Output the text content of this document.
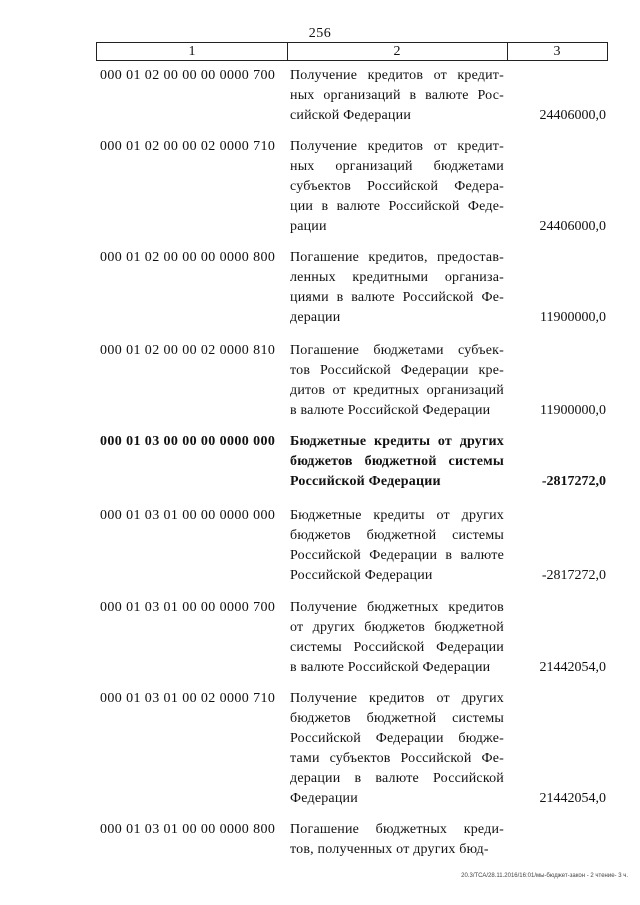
256
1	2	3
000 01 02 00 00 00 0000 700	Получение кредитов от кредит-
ных организаций в валюте Рос-
сийской Федерации	24406000,0
000 01 02 00 00 02 0000 710	Получение кредитов от кредит-
ных организаций бюджетами
субъектов Российской Федера-
ции в валюте Российской Феде-
рации	24406000,0
000 01 02 00 00 00 0000 800	Погашение кредитов, предостав-
ленных кредитными организа-
циями в валюте Российской Фе-
дерации	11900000,0
000 01 02 00 00 02 0000 810	Погашение бюджетами субъек-
тов Российской Федерации кре-
дитов от кредитных организаций
в валюте Российской Федерации	11900000,0
000 01 03 00 00 00 0000 000	Бюджетные кредиты от других
бюджетов бюджетной системы
Российской Федерации	-2817272,0
000 01 03 01 00 00 0000 000	Бюджетные кредиты от других
бюджетов бюджетной системы
Российской Федерации в валюте
Российской Федерации	-2817272,0
000 01 03 01 00 00 0000 700	Получение бюджетных кредитов
от других бюджетов бюджетной
системы Российской Федерации
в валюте Российской Федерации	21442054,0
000 01 03 01 00 02 0000 710	Получение кредитов от других
бюджетов бюджетной системы
Российской Федерации бюдже-
тами субъектов Российской Фе-
дерации в валюте Российской
Федерации	21442054,0
000 01 03 01 00 00 0000 800	Погашение бюджетных креди-
тов, полученных от других бюд-
20.3/ТСА/28.11.2016/16:01/мы-бюджет-закон - 2 чтение- 3 ч.
